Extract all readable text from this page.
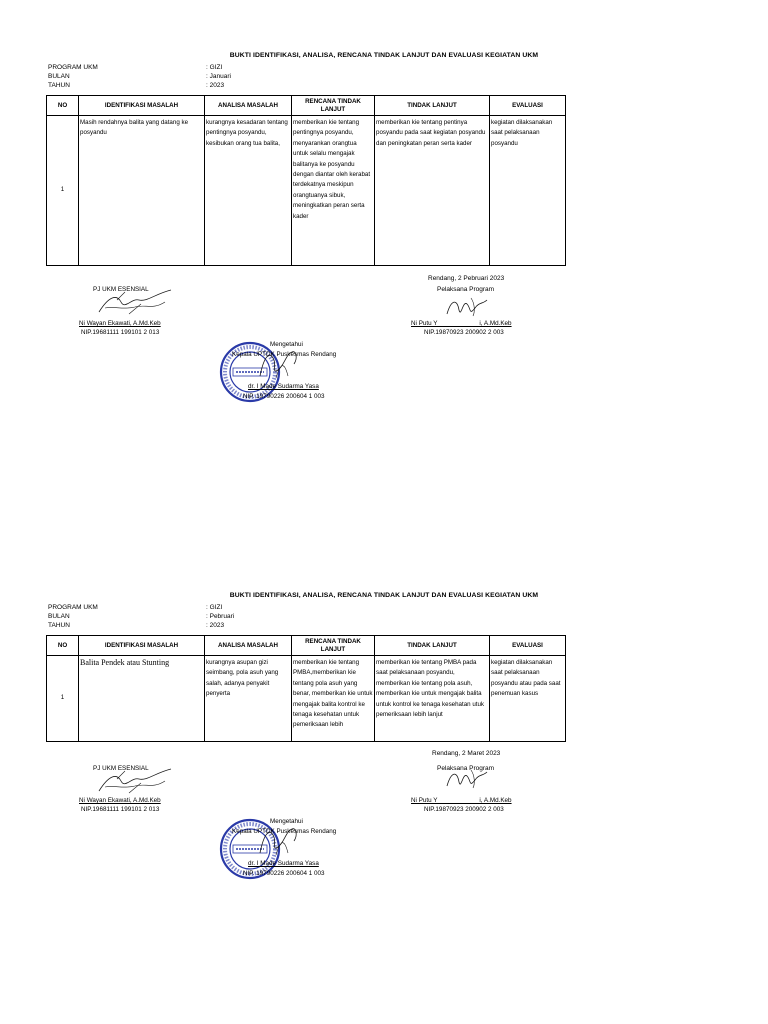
BUKTI IDENTIFIKASI, ANALISA, RENCANA TINDAK LANJUT DAN EVALUASI KEGIATAN UKM
PROGRAM UKM	: GIZI
BULAN	: Januari
TAHUN	: 2023
NO	IDENTIFIKASI MASALAH	ANALISA MASALAH	RENCANA TINDAK LANJUT	TINDAK LANJUT	EVALUASI
1	Masih rendahnya balita yang datang ke posyandu	kurangnya kesadaran tentang pentingnya posyandu, kesibukan orang tua balita,	memberikan kie tentang pentingnya posyandu, menyarankan orangtua untuk selalu mengajak balitanya ke posyandu dengan diantar oleh kerabat terdekatnya meskipun orangtuanya sibuk, meningkatkan peran serta kader	memberikan kie tentang pentinya posyandu pada saat kegiatan posyandu dan peningkatan peran serta kader	kegiatan dilaksanakan saat pelaksanaan posyandu
Rendang, 2 Pebruari 2023
Pelaksana Program
PJ UKM ESENSIAL
Ni Wayan Ekawati, A.Md.Keb
NIP.19681111 199101 2 013
Ni Putu Y                        i, A.Md.Keb
NIP.19870923 200902 2 003
Mengetahui
Kepala UPTDK Puskesmas Rendang
dr. I Made Sudarma Yasa
NIP. 19790226 200604 1 003
BUKTI IDENTIFIKASI, ANALISA, RENCANA TINDAK LANJUT DAN EVALUASI KEGIATAN UKM
PROGRAM UKM	: GIZI
BULAN	: Pebruari
TAHUN	: 2023
NO	IDENTIFIKASI MASALAH	ANALISA MASALAH	RENCANA TINDAK LANJUT	TINDAK LANJUT	EVALUASI
1	Balita Pendek atau Stunting	kurangnya asupan gizi seimbang, pola asuh yang salah, adanya penyakit penyerta	memberikan kie tentang PMBA,memberikan kie tentang pola asuh yang benar, memberikan kie untuk mengajak balita kontrol ke tenaga kesehatan untuk pemeriksaan lebih	memberikan kie tentang PMBA pada saat pelaksanaan posyandu, memberikan kie tentang pola asuh, memberikan kie untuk mengajak balita untuk kontrol ke tenaga kesehatan utuk pemeriksaan lebih lanjut	kegiatan dilaksanakan saat pelaksanaan posyandu atau pada saat penemuan kasus
Rendang, 2 Maret 2023
Pelaksana Program
PJ UKM ESENSIAL
Ni Wayan Ekawati, A.Md.Keb
NIP.19681111 199101 2 013
Ni Putu Y                        i, A.Md.Keb
NIP.19870923 200902 2 003
Mengetahui
Kepala UPTDK Puskesmas Rendang
dr. I Made Sudarma Yasa
NIP. 19790226 200604 1 003
